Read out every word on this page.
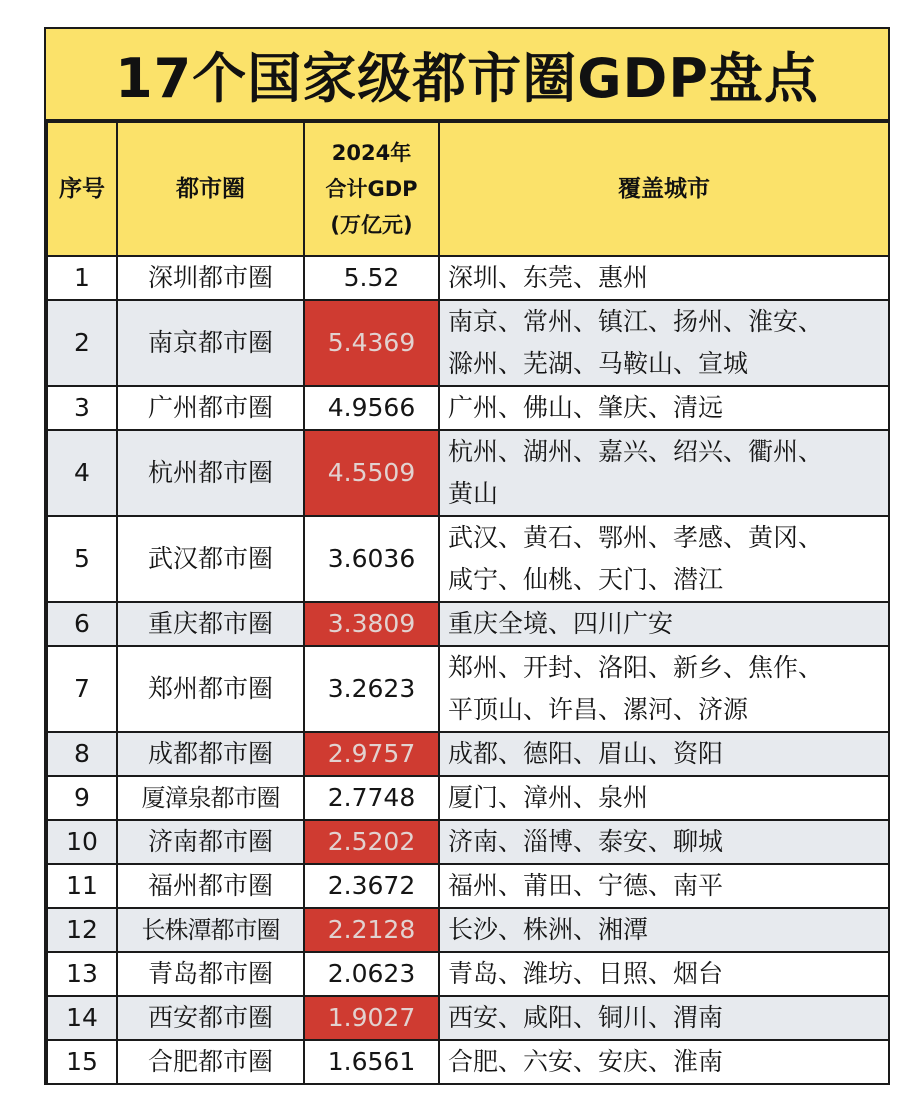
17个国家级都市圈GDP盘点
序号	都市圈	2024年
合计GDP
(万亿元)	覆盖城市
1	深圳都市圈	5.52	深圳、东莞、惠州

2	南京都市圈	5.4369	南京、常州、镇江、扬州、淮安、
滁州、芜湖、马鞍山、宣城

3	广州都市圈	4.9566	广州、佛山、肇庆、清远

4	杭州都市圈	4.5509	杭州、湖州、嘉兴、绍兴、衢州、
黄山

5	武汉都市圈	3.6036	武汉、黄石、鄂州、孝感、黄冈、
咸宁、仙桃、天门、潜江

6	重庆都市圈	3.3809	重庆全境、四川广安

7	郑州都市圈	3.2623	郑州、开封、洛阳、新乡、焦作、
平顶山、许昌、漯河、济源

8	成都都市圈	2.9757	成都、德阳、眉山、资阳

9	厦漳泉都市圈	2.7748	厦门、漳州、泉州

10	济南都市圈	2.5202	济南、淄博、泰安、聊城

11	福州都市圈	2.3672	福州、莆田、宁德、南平

12	长株潭都市圈	2.2128	长沙、株洲、湘潭

13	青岛都市圈	2.0623	青岛、潍坊、日照、烟台

14	西安都市圈	1.9027	西安、咸阳、铜川、渭南

15	合肥都市圈	1.6561	合肥、六安、安庆、淮南
